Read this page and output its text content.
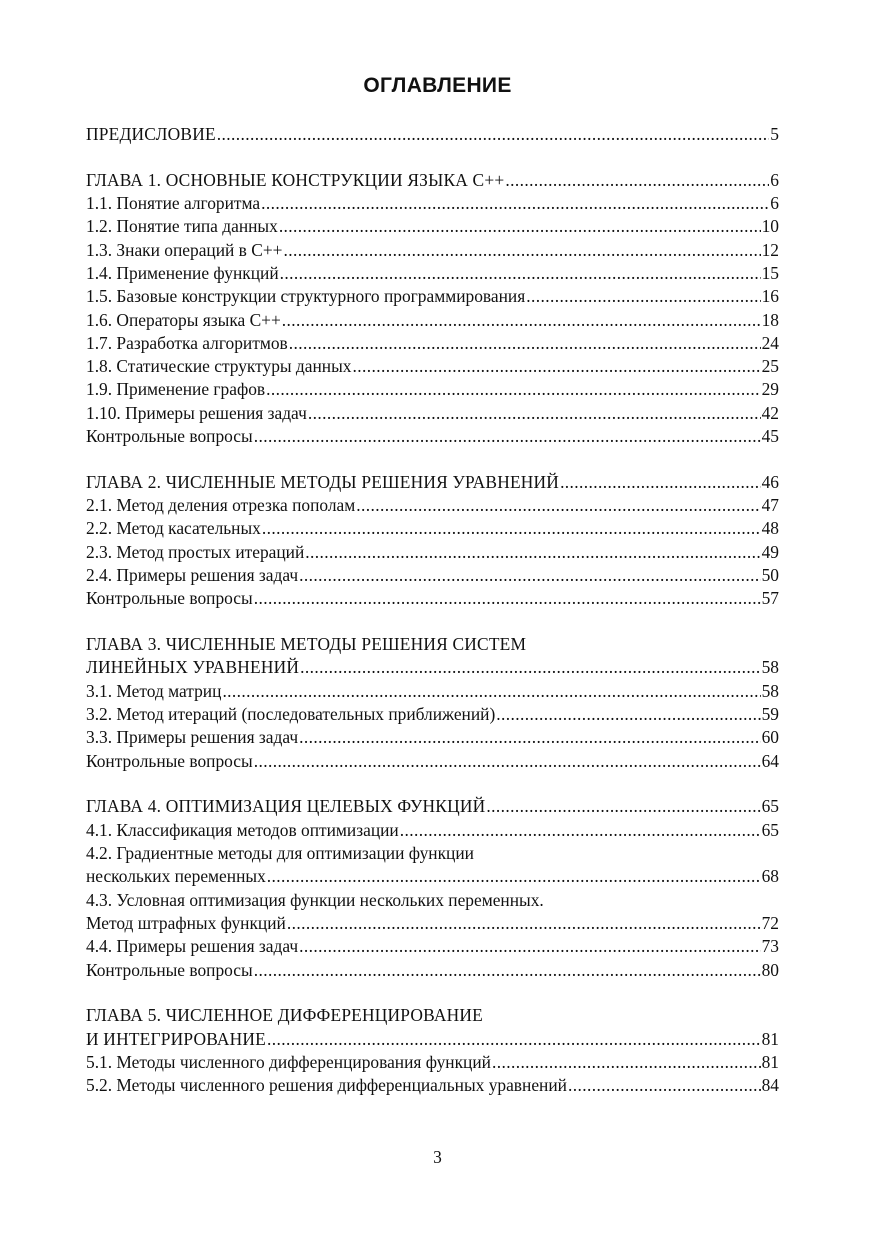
ОГЛАВЛЕНИЕ
ПРЕДИСЛОВИЕ .....	5
ГЛАВА 1. ОСНОВНЫЕ КОНСТРУКЦИИ ЯЗЫКА С++ .....	6
1.1. Понятие алгоритма .....	6
1.2. Понятие типа данных .....	10
1.3. Знаки операций в С++ .....	12
1.4. Применение функций .....	15
1.5. Базовые конструкции структурного программирования .....	16
1.6. Операторы языка С++ .....	18
1.7. Разработка алгоритмов .....	24
1.8. Статические структуры данных .....	25
1.9. Применение графов .....	29
1.10. Примеры решения задач .....	42
Контрольные вопросы .....	45
ГЛАВА 2. ЧИСЛЕННЫЕ МЕТОДЫ РЕШЕНИЯ УРАВНЕНИЙ .....	46
2.1. Метод деления отрезка пополам .....	47
2.2. Метод касательных .....	48
2.3. Метод простых итераций .....	49
2.4. Примеры решения задач .....	50
Контрольные вопросы .....	57
ГЛАВА 3. ЧИСЛЕННЫЕ МЕТОДЫ РЕШЕНИЯ СИСТЕМ
ЛИНЕЙНЫХ УРАВНЕНИЙ .....	58
3.1. Метод матриц .....	58
3.2. Метод итераций (последовательных приближений) .....	59
3.3. Примеры решения задач .....	60
Контрольные вопросы .....	64
ГЛАВА 4. ОПТИМИЗАЦИЯ ЦЕЛЕВЫХ ФУНКЦИЙ .....	65
4.1. Классификация методов оптимизации .....	65
4.2. Градиентные методы для оптимизации функции
нескольких переменных .....	68
4.3. Условная оптимизация функции нескольких переменных.
Метод штрафных функций .....	72
4.4. Примеры решения задач .....	73
Контрольные вопросы .....	80
ГЛАВА 5. ЧИСЛЕННОЕ ДИФФЕРЕНЦИРОВАНИЕ
И ИНТЕГРИРОВАНИЕ .....	81
5.1. Методы численного дифференцирования функций .....	81
5.2. Методы численного решения дифференциальных уравнений .....	84
3
